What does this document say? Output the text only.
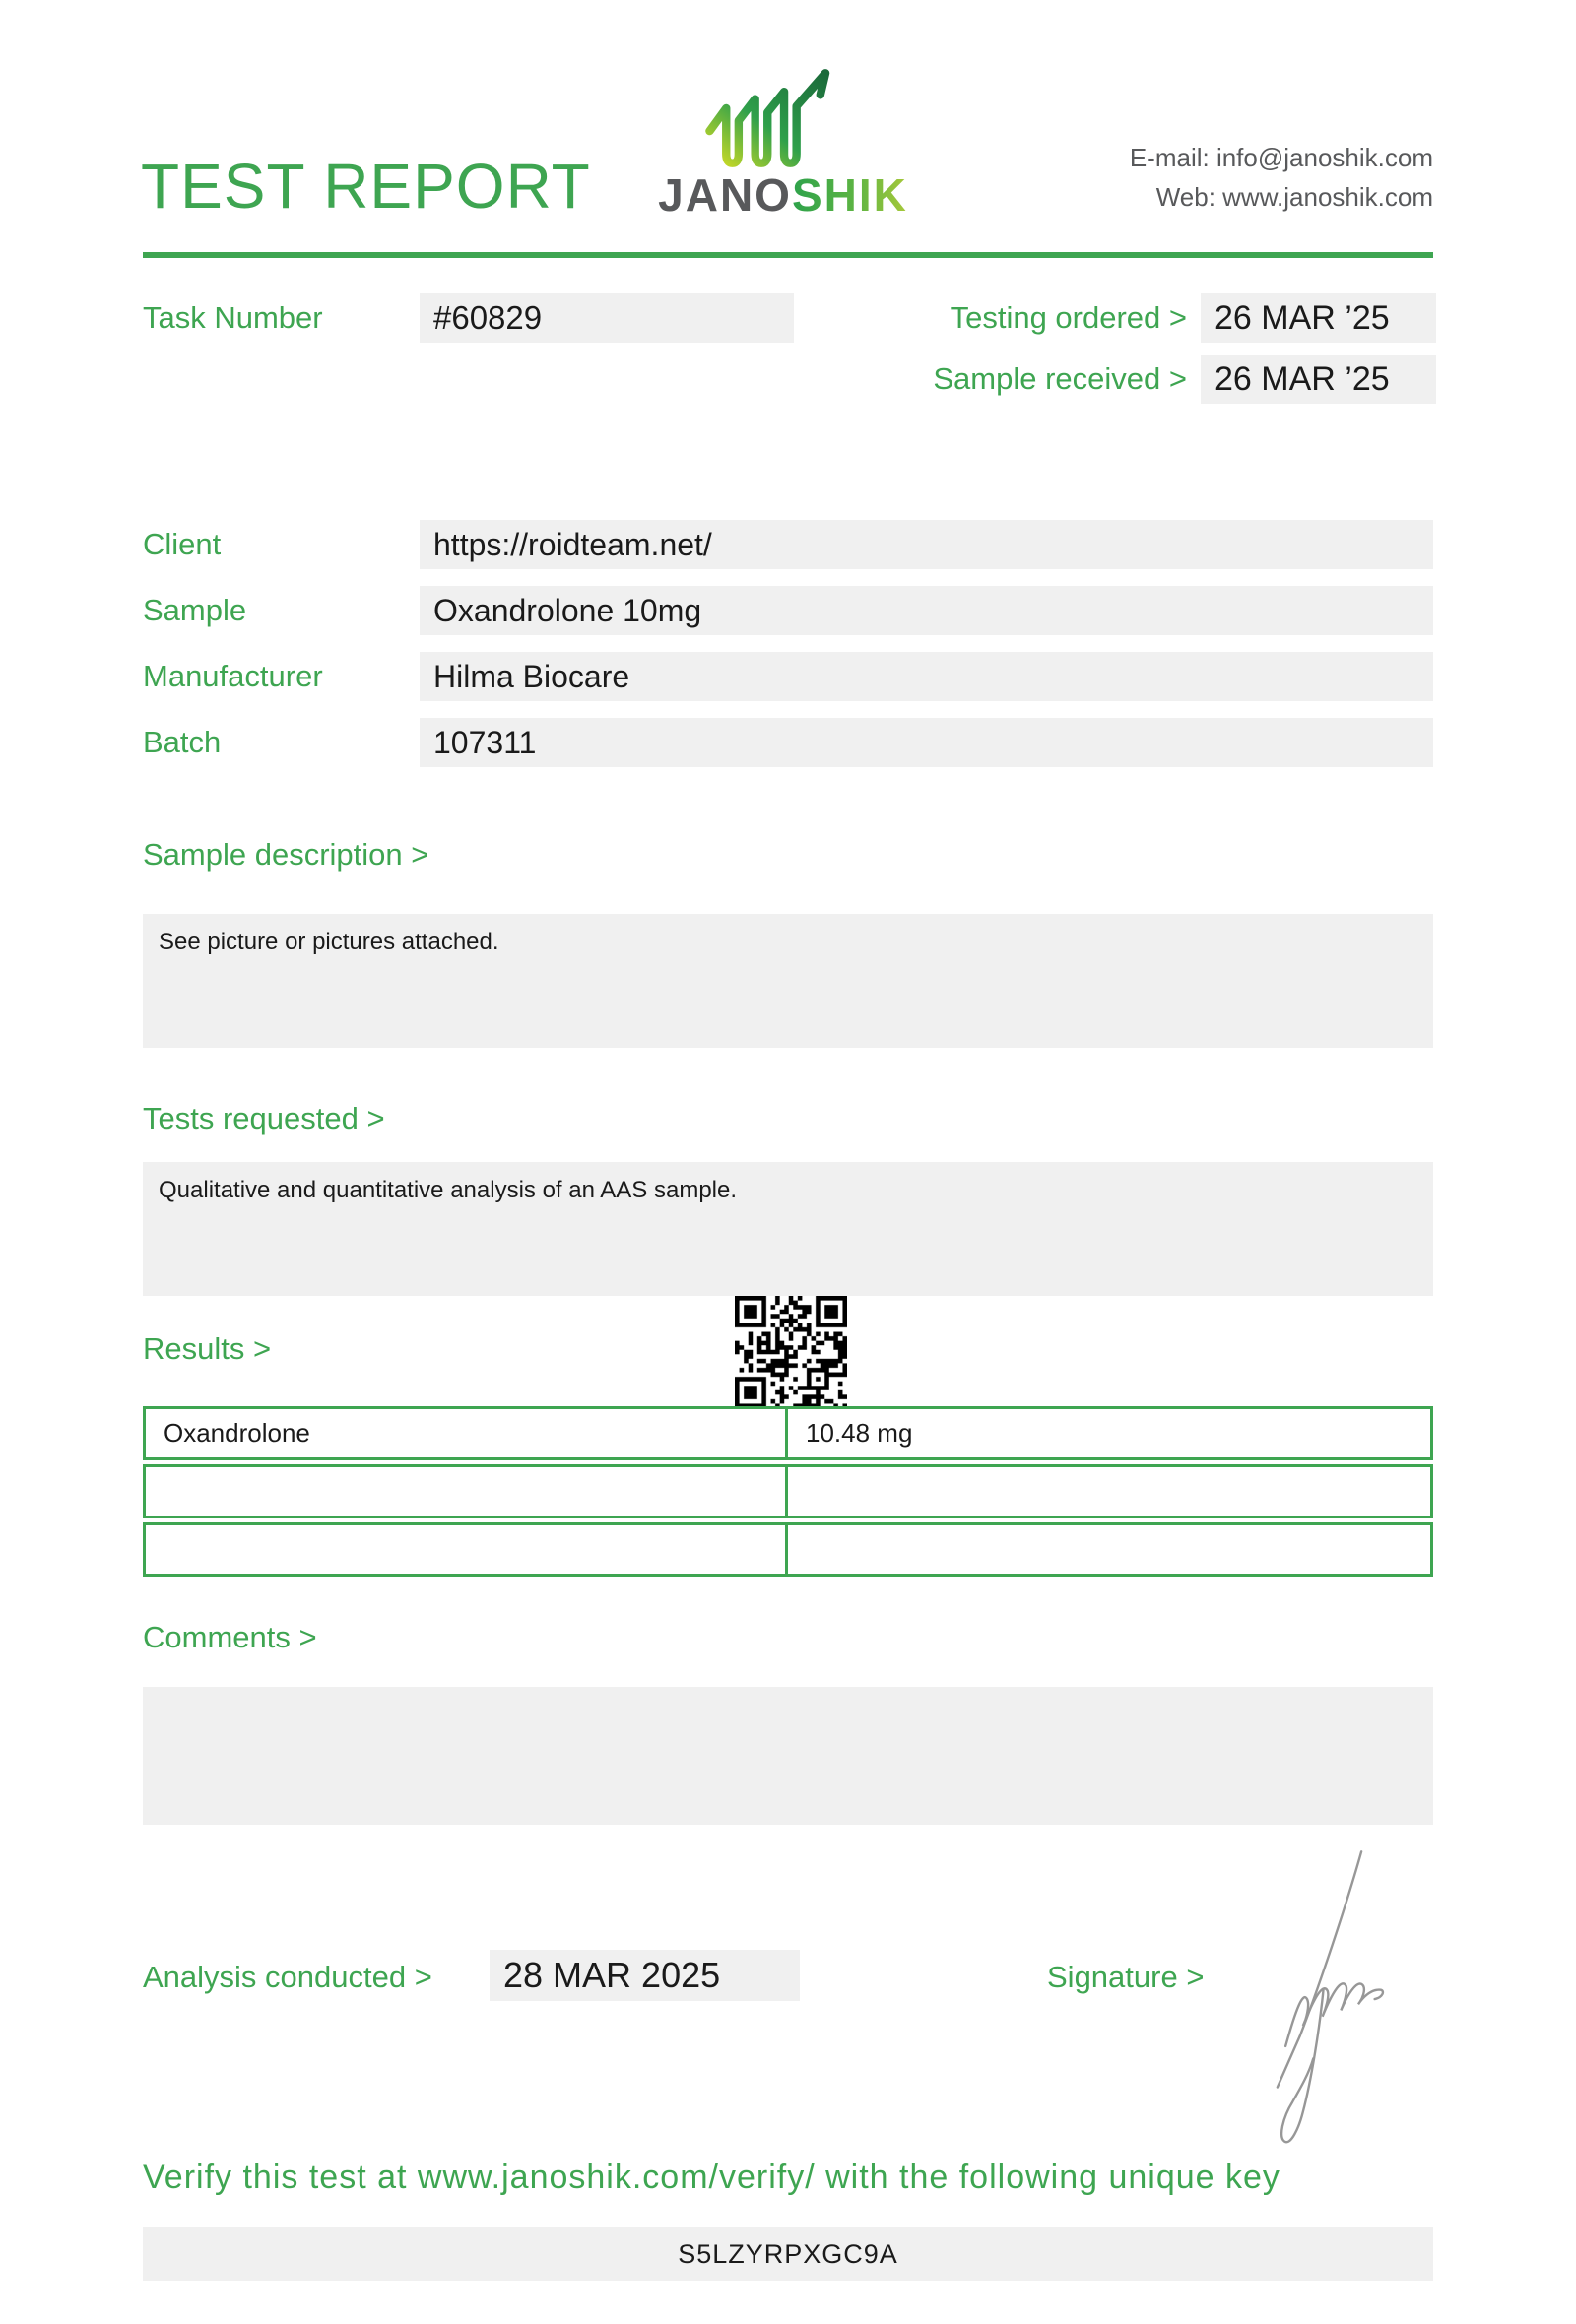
TEST REPORT	JANOSHIK
E-mail: info@janoshik.com
Web: www.janoshik.com
Task Number	#60829	Testing ordered > 26 MAR ’25
Sample received > 26 MAR ’25
Client	https://roidteam.net/
Sample	Oxandrolone 10mg
Manufacturer	Hilma Biocare
Batch	107311
Sample description >
See picture or pictures attached.
Tests requested >
Qualitative and quantitative analysis of an AAS sample.
Results >
Oxandrolone	10.48 mg
Comments >
Analysis conducted >	28 MAR 2025	Signature >
Verify this test at www.janoshik.com/verify/ with the following unique key
S5LZYRPXGC9A
